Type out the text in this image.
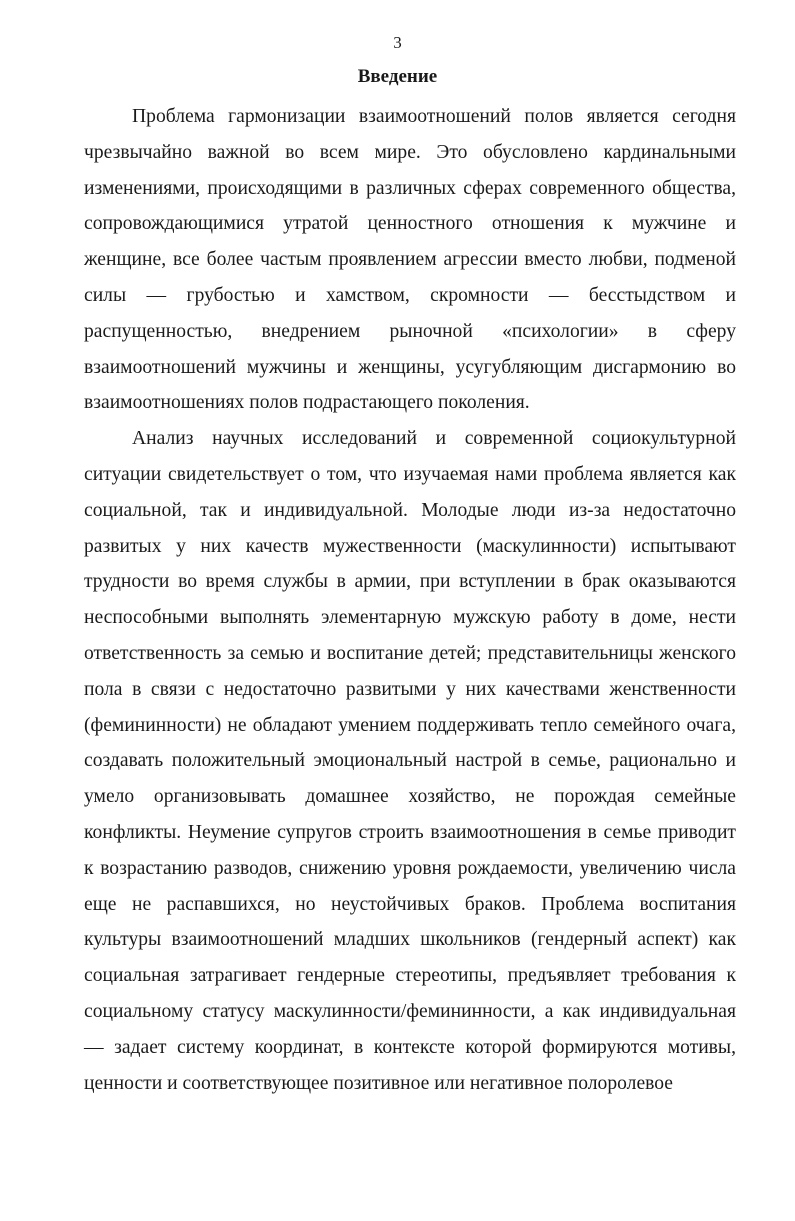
3
Введение

Проблема гармонизации взаимоотношений полов является сегодня чрезвычайно важной во всем мире. Это обусловлено кардинальными изменениями, происходящими в различных сферах современного общества, сопровождающимися утратой ценностного отношения к мужчине и женщине, все более частым проявлением агрессии вместо любви, подменой силы — грубостью и хамством, скромности — бесстыдством и распущенностью, внедрением рыночной «психологии» в сферу взаимоотношений мужчины и женщины, усугубляющим дисгармонию во взаимоотношениях полов подрастающего поколения.

Анализ научных исследований и современной социокультурной ситуации свидетельствует о том, что изучаемая нами проблема является как социальной, так и индивидуальной. Молодые люди из-за недостаточно развитых у них качеств мужественности (маскулинности) испытывают трудности во время службы в армии, при вступлении в брак оказываются неспособными выполнять элементарную мужскую работу в доме, нести ответственность за семью и воспитание детей; представительницы женского пола в связи с недостаточно развитыми у них качествами женственности (фемининности) не обладают умением поддерживать тепло семейного очага, создавать положительный эмоциональный настрой в семье, рационально и умело организовывать домашнее хозяйство, не порождая семейные конфликты. Неумение супругов строить взаимоотношения в семье приводит к возрастанию разводов, снижению уровня рождаемости, увеличению числа еще не распавшихся, но неустойчивых браков. Проблема воспитания культуры взаимоотношений младших школьников (гендерный аспект) как социальная затрагивает гендерные стереотипы, предъявляет требования к социальному статусу маскулинности/фемининности, а как индивидуальная — задает систему координат, в контексте которой формируются мотивы, ценности и соответствующее позитивное или негативное полоролевое
